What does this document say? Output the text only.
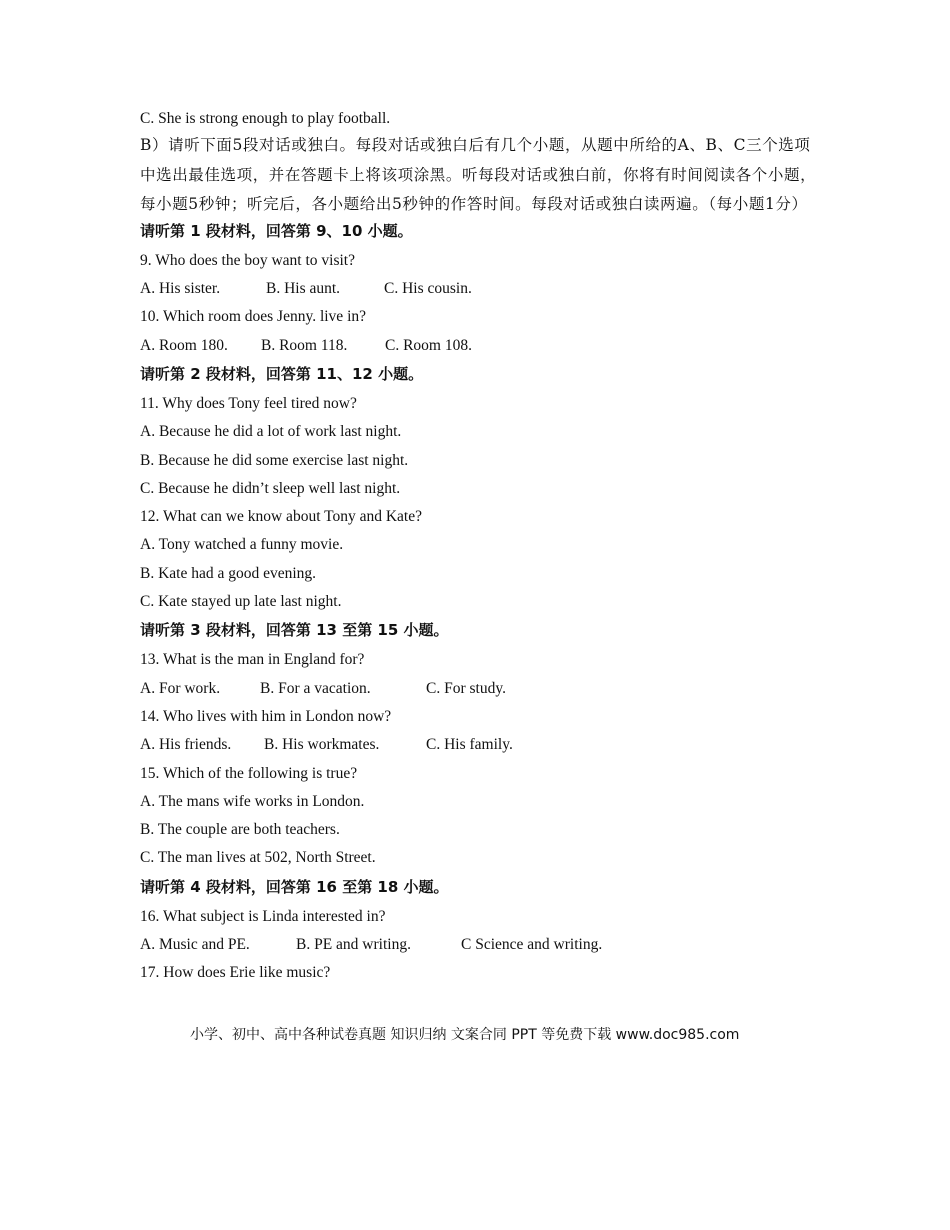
C. She is strong enough to play football.
B）请听下面5段对话或独白。每段对话或独白后有几个小题，从题中所给的A、B、C三个选项中选出最佳选项，并在答题卡上将该项涂黑。听每段对话或独白前，你将有时间阅读各个小题，每小题5秒钟；听完后，各小题给出5秒钟的作答时间。每段对话或独白读两遍。（每小题1分）
请听第 1 段材料，回答第 9、10 小题。
9. Who does the boy want to visit?
A. His sister.	B. His aunt.	C. His cousin.
10. Which room does Jenny. live in?
A. Room 180.	B. Room 118.	C. Room 108.
请听第 2 段材料，回答第 11、12 小题。
11. Why does Tony feel tired now?
A. Because he did a lot of work last night.
B. Because he did some exercise last night.
C. Because he didn’t sleep well last night.
12. What can we know about Tony and Kate?
A. Tony watched a funny movie.
B. Kate had a good evening.
C. Kate stayed up late last night.
请听第 3 段材料，回答第 13 至第 15 小题。
13. What is the man in England for?
A. For work.	B. For a vacation.	C. For study.
14. Who lives with him in London now?
A. His friends.	B. His workmates.	C. His family.
15. Which of the following is true?
A. The mans wife works in London.
B. The couple are both teachers.
C. The man lives at 502, North Street.
请听第 4 段材料，回答第 16 至第 18 小题。
16. What subject is Linda interested in?
A. Music and PE.	B. PE and writing.	C Science and writing.
17. How does Erie like music?
小学、初中、高中各种试卷真题 知识归纳 文案合同 PPT 等免费下载 www.doc985.com
